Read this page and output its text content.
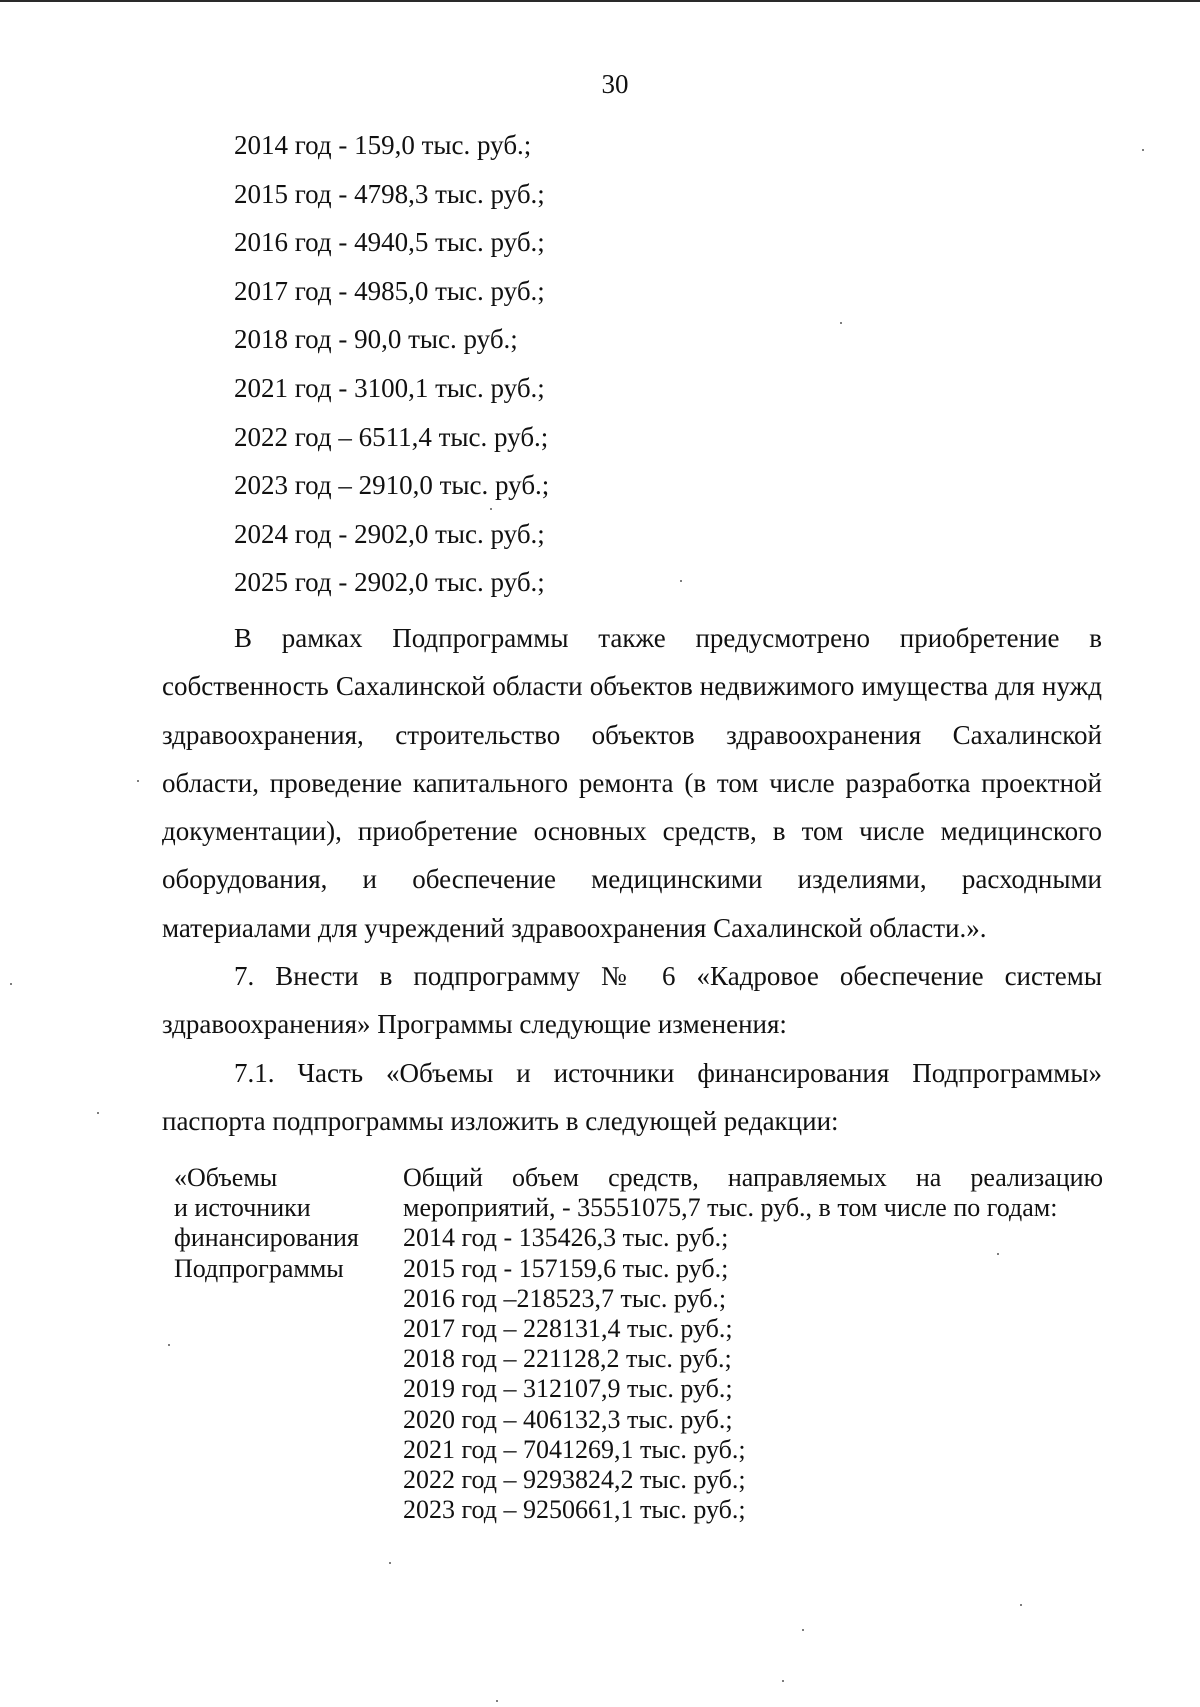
30
2014 год - 159,0 тыс. руб.;
2015 год - 4798,3 тыс. руб.;
2016 год - 4940,5 тыс. руб.;
2017 год - 4985,0 тыс. руб.;
2018 год - 90,0 тыс. руб.;
2021 год - 3100,1 тыс. руб.;
2022 год – 6511,4 тыс. руб.;
2023 год – 2910,0 тыс. руб.;
2024 год - 2902,0 тыс. руб.;
2025 год - 2902,0 тыс. руб.;

В рамках Подпрограммы также предусмотрено приобретение в собственность Сахалинской области объектов недвижимого имущества для нужд здравоохранения, строительство объектов здравоохранения Сахалинской области, проведение капитального ремонта (в том числе разработка проектной документации), приобретение основных средств, в том числе медицинского оборудования, и обеспечение медицинскими изделиями, расходными материалами для учреждений здравоохранения Сахалинской области.».

7. Внести в подпрограмму № 6 «Кадровое обеспечение системы здравоохранения» Программы следующие изменения:

7.1. Часть «Объемы и источники финансирования Подпрограммы» паспорта подпрограммы изложить в следующей редакции:

«Объемы
и источники
финансирования
Подпрограммы

Общий объем средств, направляемых на реализацию мероприятий, - 35551075,7 тыс. руб., в том числе по годам:

2014 год - 135426,3 тыс. руб.;
2015 год - 157159,6 тыс. руб.;
2016 год –218523,7 тыс. руб.;
2017 год – 228131,4 тыс. руб.;
2018 год – 221128,2 тыс. руб.;
2019 год – 312107,9 тыс. руб.;
2020 год – 406132,3 тыс. руб.;
2021 год – 7041269,1 тыс. руб.;
2022 год – 9293824,2 тыс. руб.;
2023 год – 9250661,1 тыс. руб.;
